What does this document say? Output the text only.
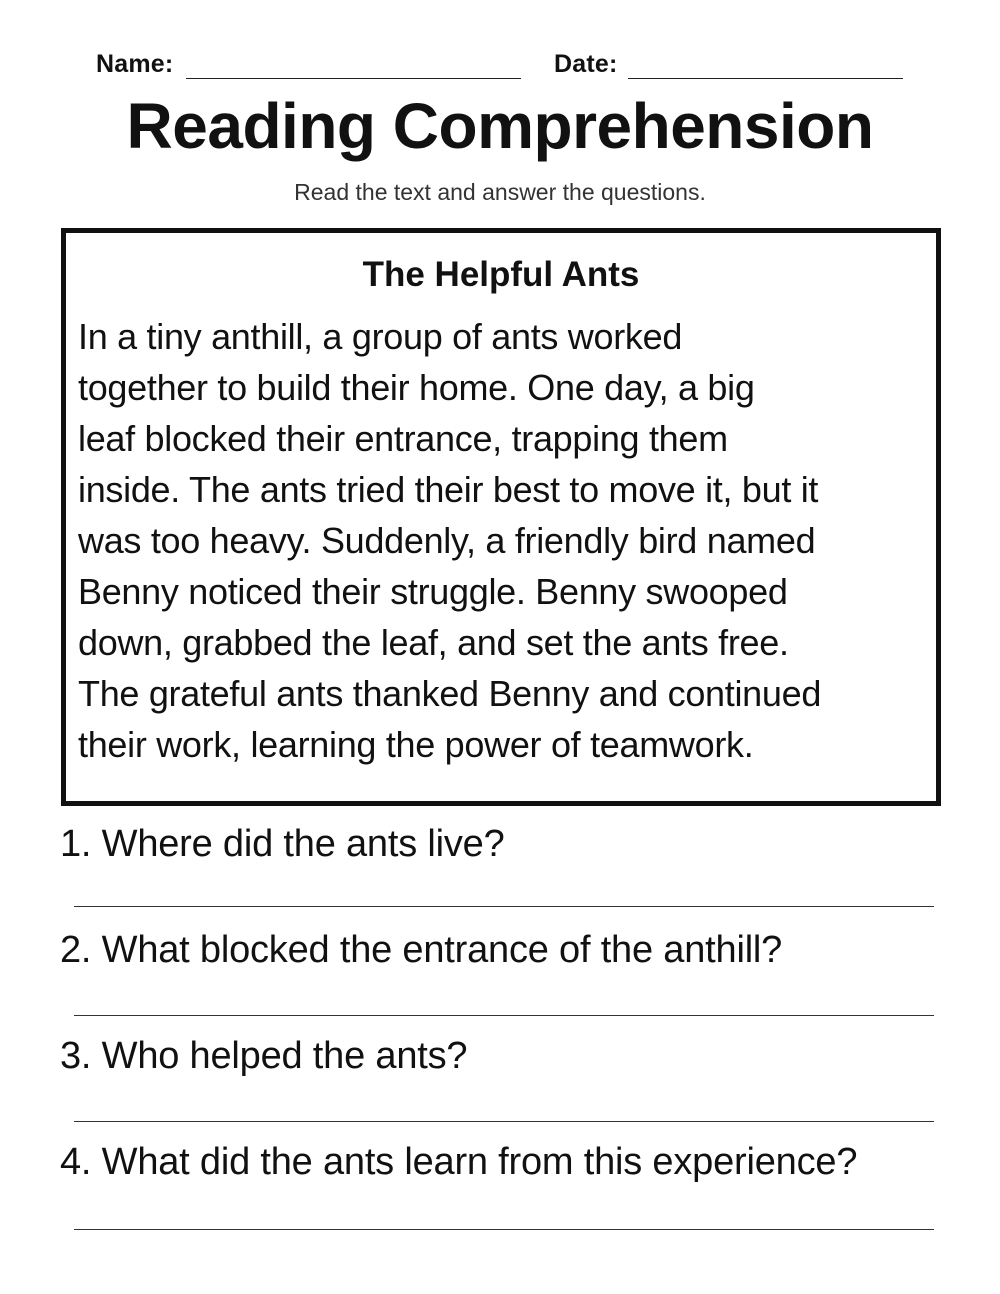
Name:	Date:
Reading Comprehension
Read the text and answer the questions.
The Helpful Ants
In a tiny anthill, a group of ants worked
together to build their home. One day, a big
leaf blocked their entrance, trapping them
inside. The ants tried their best to move it, but it
was too heavy. Suddenly, a friendly bird named
Benny noticed their struggle. Benny swooped
down, grabbed the leaf, and set the ants free.
The grateful ants thanked Benny and continued
their work, learning the power of teamwork.
1. Where did the ants live?
2. What blocked the entrance of the anthill?
3. Who helped the ants?
4. What did the ants learn from this experience?
